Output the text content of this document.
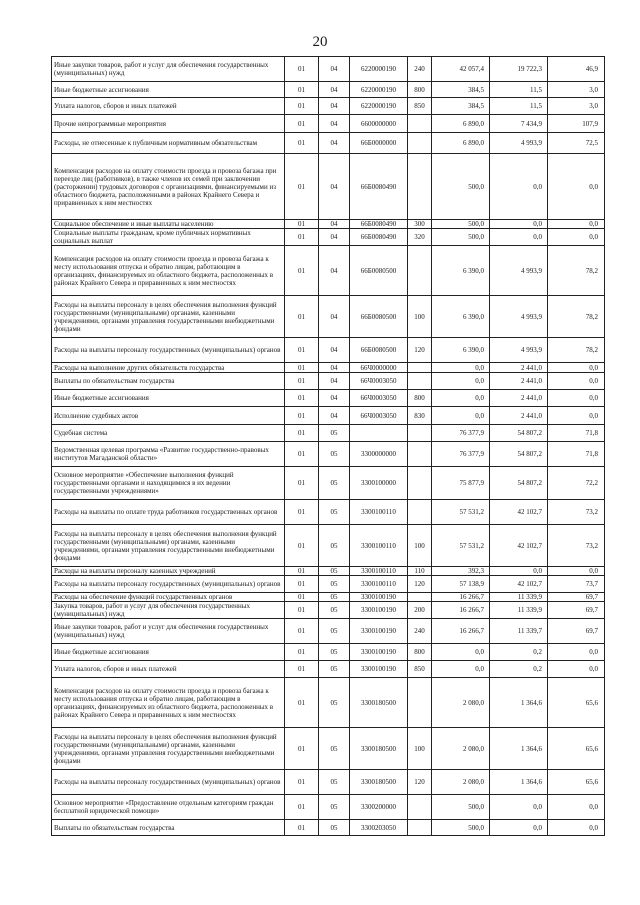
20
Иные закупки товаров, работ и услуг для обеспечения государственных (муниципальных) нужд	01	04	6220000190	240	42 057,4	19 722,3	46,9
Иные бюджетные ассигнования	01	04	6220000190	800	384,5	11,5	3,0
Уплата налогов, сборов и иных платежей	01	04	6220000190	850	384,5	11,5	3,0
Прочие непрограммные мероприятия	01	04	6600000000		6 890,0	7 434,9	107,9
Расходы, не отнесенные к публичным нормативным обязательствам	01	04	66Б0000000		6 890,0	4 993,9	72,5
Компенсация расходов на оплату стоимости проезда и провоза багажа при переезде лиц (работников), в также членов их семей при заключении (расторжении) трудовых договоров с организациями, финансируемыми из областного бюджета, расположенными в районах Крайнего Севера и приравненных к ним местностях	01	04	66Б0080490		500,0	0,0	0,0
Социальное обеспечение и иные выплаты населению	01	04	66Б0080490	300	500,0	0,0	0,0
Социальные выплаты гражданам, кроме публичных нормативных социальных выплат	01	04	66Б0080490	320	500,0	0,0	0,0
Компенсация расходов на оплату стоимости проезда и провоза багажа к месту использования отпуска и обратно лицам, работающим в организациях, финансируемых из областного бюджета, расположенных в районах Крайнего Севера и приравненных к ним местностях	01	04	66Б0080500		6 390,0	4 993,9	78,2
Расходы на выплаты персоналу в целях обеспечения выполнения функций государственными (муниципальными) органами, казенными учреждениями, органами управления государственными внебюджетными фондами	01	04	66Б0080500	100	6 390,0	4 993,9	78,2
Расходы на выплаты персоналу государственных (муниципальных) органов	01	04	66Б0080500	120	6 390,0	4 993,9	78,2
Расходы на выполнение других обязательств государства	01	04	66Ч0000000		0,0	2 441,0	0,0
Выплаты по обязательствам государства	01	04	66Ч0003050		0,0	2 441,0	0,0
Иные бюджетные ассигнования	01	04	66Ч0003050	800	0,0	2 441,0	0,0
Исполнение судебных актов	01	04	66Ч0003050	830	0,0	2 441,0	0,0
Судебная система	01	05			76 377,9	54 807,2	71,8
Ведомственная целевая программа «Развитие государственно-правовых институтов Магаданской области»	01	05	3300000000		76 377,9	54 807,2	71,8
Основное мероприятие «Обеспечение выполнения функций государственными органами и находящимися в их ведении государственными учреждениями»	01	05	3300100000		75 877,9	54 807,2	72,2
Расходы на выплаты по оплате труда работников государственных органов	01	05	3300100110		57 531,2	42 102,7	73,2
Расходы на выплаты персоналу в целях обеспечения выполнения функций государственными (муниципальными) органами, казенными учреждениями, органами управления государственными внебюджетными фондами	01	05	3300100110	100	57 531,2	42 102,7	73,2
Расходы на выплаты персоналу казенных учреждений	01	05	3300100110	110	392,3	0,0	0,0
Расходы на выплаты персоналу государственных (муниципальных) органов	01	05	3300100110	120	57 138,9	42 102,7	73,7
Расходы на обеспечение функций государственных органов	01	05	3300100190		16 266,7	11 339,9	69,7
Закупка товаров, работ и услуг для обеспечения государственных (муниципальных) нужд	01	05	3300100190	200	16 266,7	11 339,9	69,7
Иные закупки товаров, работ и услуг для обеспечения государственных (муниципальных) нужд	01	05	3300100190	240	16 266,7	11 339,7	69,7
Иные бюджетные ассигнования	01	05	3300100190	800	0,0	0,2	0,0
Уплата налогов, сборов и иных платежей	01	05	3300100190	850	0,0	0,2	0,0
Компенсация расходов на оплату стоимости проезда и провоза багажа к месту использования отпуска и обратно лицам, работающим в организациях, финансируемых из областного бюджета, расположенных в районах Крайнего Севера и приравненных к ним местностях	01	05	3300180500		2 080,0	1 364,6	65,6
Расходы на выплаты персоналу в целях обеспечения выполнения функций государственными (муниципальными) органами, казенными учреждениями, органами управления государственными внебюджетными фондами	01	05	3300180500	100	2 080,0	1 364,6	65,6
Расходы на выплаты персоналу государственных (муниципальных) органов	01	05	3300180500	120	2 080,0	1 364,6	65,6
Основное мероприятие «Предоставление отдельным категориям граждан бесплатной юридической помощи»	01	05	3300200000		500,0	0,0	0,0
Выплаты по обязательствам государства	01	05	3300203050		500,0	0,0	0,0
